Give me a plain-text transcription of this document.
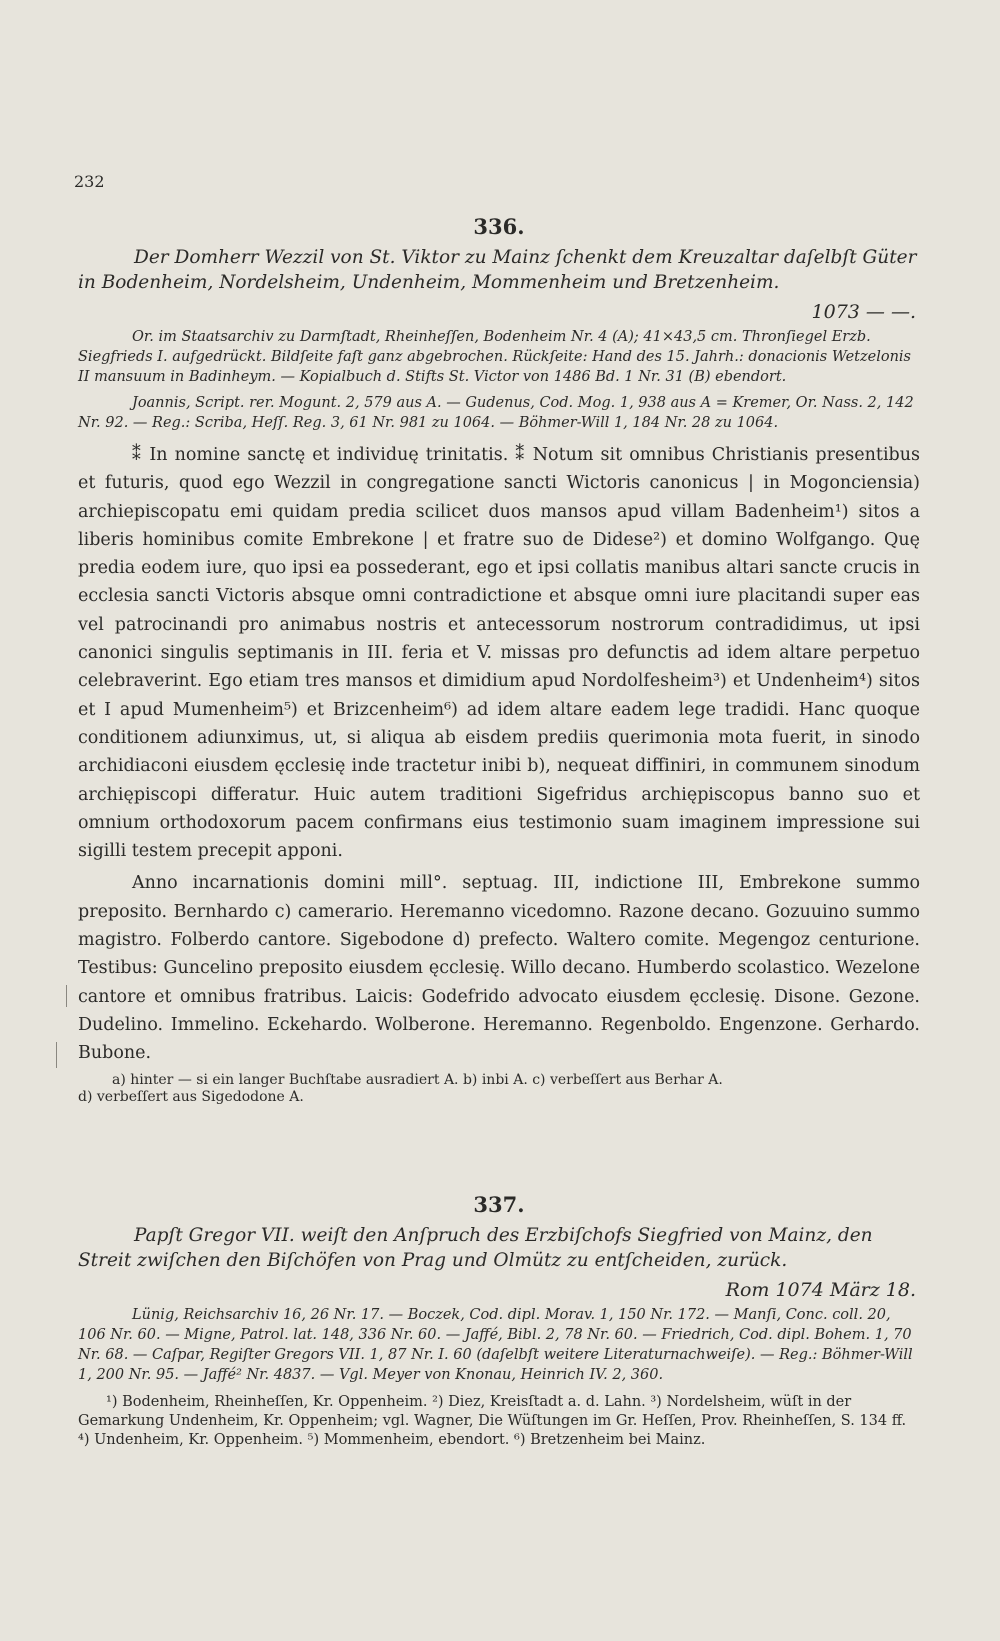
232
336.

Der Domherr Wezzil von St. Viktor zu Mainz ſchenkt dem Kreuzaltar daſelbſt Güter in Bodenheim, Nordelsheim, Undenheim, Mommenheim und Bretzenheim.

1073 — —.

Or. im Staatsarchiv zu Darmſtadt, Rheinheſſen, Bodenheim Nr. 4 (A); 41×43,5 cm. Thronſiegel Erzb. Siegfrieds I. aufgedrückt. Bildſeite faſt ganz abgebrochen. Rückſeite: Hand des 15. Jahrh.: donacionis Wetzelonis II mansuum in Badinheym. — Kopialbuch d. Stifts St. Victor von 1486 Bd. 1 Nr. 31 (B) ebendort.

Joannis, Script. rer. Mogunt. 2, 579 aus A. — Gudenus, Cod. Mog. 1, 938 aus A = Kremer, Or. Nass. 2, 142 Nr. 92. — Reg.: Scriba, Heſſ. Reg. 3, 61 Nr. 981 zu 1064. — Böhmer-Will 1, 184 Nr. 28 zu 1064.

⁑ In nomine sanctę et individuę trinitatis. ⁑ Notum sit omnibus Christianis presentibus et futuris, quod ego Wezzil in congregatione sancti Wictoris canonicus | in Mogonciensia) archiepiscopatu emi quidam predia scilicet duos mansos apud villam Badenheim¹) sitos a liberis hominibus comite Embrekone | et fratre suo de Didese²) et domino Wolfgango. Quę predia eodem iure, quo ipsi ea possederant, ego et ipsi collatis manibus altari sancte crucis in ecclesia sancti Victoris absque omni contradictione et absque omni iure placitandi super eas vel patrocinandi pro animabus nostris et antecessorum nostrorum contradidimus, ut ipsi canonici singulis septimanis in III. feria et V. missas pro defunctis ad idem altare perpetuo celebraverint. Ego etiam tres mansos et dimidium apud Nordolfesheim³) et Undenheim⁴) sitos et I apud Mumenheim⁵) et Brizcenheim⁶) ad idem altare eadem lege tradidi. Hanc quoque conditionem adiunximus, ut, si aliqua ab eisdem prediis querimonia mota fuerit, in sinodo archidiaconi eiusdem ęcclesię inde tractetur inibi b), nequeat diffiniri, in communem sinodum archiępiscopi differatur. Huic autem traditioni Sigefridus archiępiscopus banno suo et omnium orthodoxorum pacem confirmans eius testimonio suam imaginem impressione sui sigilli testem precepit apponi.

Anno incarnationis domini mill°. septuag. III, indictione III, Embrekone summo preposito. Bernhardo c) camerario. Heremanno vicedomno. Razone decano. Gozuuino summo magistro. Folberdo cantore. Sigebodone d) prefecto. Waltero comite. Megengoz centurione. Testibus: Guncelino preposito eiusdem ęcclesię. Willo decano. Humberdo scolastico. Wezelone cantore et omnibus fratribus. Laicis: Godefrido advocato eiusdem ęcclesię. Disone. Gezone. Dudelino. Immelino. Eckehardo. Wolberone. Heremanno. Regenboldo. Engenzone. Gerhardo. Bubone.

a) hinter — si ein langer Buchſtabe ausradiert A. b) inbi A. c) verbeſſert aus Berhar A.
d) verbeſſert aus Sigedodone A.
337.

Papſt Gregor VII. weiſt den Anſpruch des Erzbiſchofs Siegfried von Mainz, den Streit zwiſchen den Biſchöfen von Prag und Olmütz zu entſcheiden, zurück.

Rom 1074 März 18.

Lünig, Reichsarchiv 16, 26 Nr. 17. — Boczek, Cod. dipl. Morav. 1, 150 Nr. 172. — Manſi, Conc. coll. 20, 106 Nr. 60. — Migne, Patrol. lat. 148, 336 Nr. 60. — Jaffé, Bibl. 2, 78 Nr. 60. — Friedrich, Cod. dipl. Bohem. 1, 70 Nr. 68. — Caſpar, Regiſter Gregors VII. 1, 87 Nr. I. 60 (daſelbſt weitere Literaturnachweiſe). — Reg.: Böhmer-Will 1, 200 Nr. 95. — Jaffé² Nr. 4837. — Vgl. Meyer von Knonau, Heinrich IV. 2, 360.

¹) Bodenheim, Rheinheſſen, Kr. Oppenheim. ²) Diez, Kreisſtadt a. d. Lahn. ³) Nordelsheim, wüſt in der Gemarkung Undenheim, Kr. Oppenheim; vgl. Wagner, Die Wüſtungen im Gr. Heſſen, Prov. Rheinheſſen, S. 134 ff. ⁴) Undenheim, Kr. Oppenheim. ⁵) Mommenheim, ebendort. ⁶) Bretzenheim bei Mainz.
